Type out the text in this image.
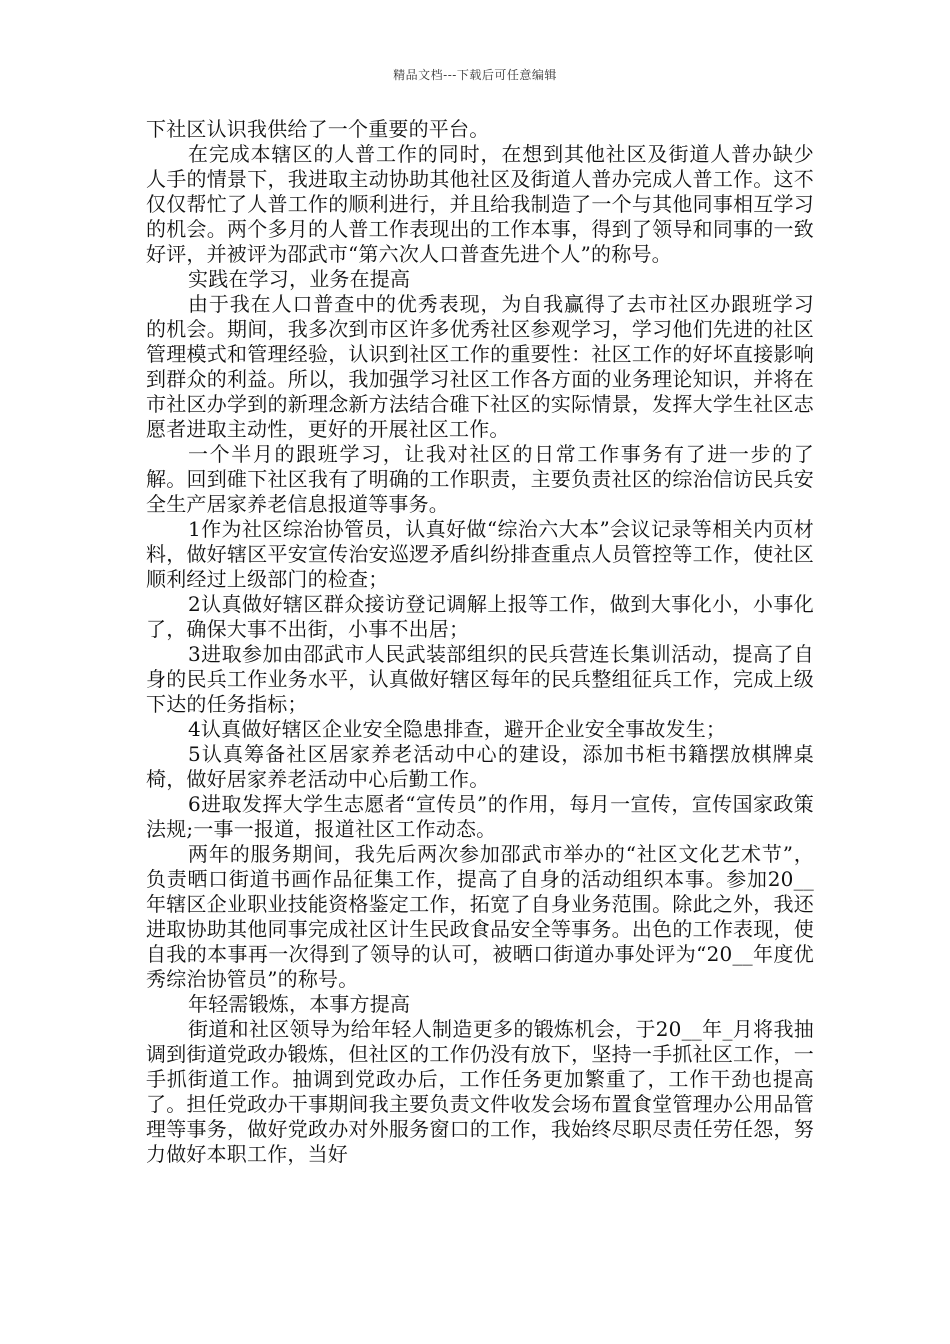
精品文档---下载后可任意编辑

下社区认识我供给了一个重要的平台。

在完成本辖区的人普工作的同时，在想到其他社区及街道人普办缺少人手的情景下，我进取主动协助其他社区及街道人普办完成人普工作。这不仅仅帮忙了人普工作的顺利进行，并且给我制造了一个与其他同事相互学习的机会。两个多月的人普工作表现出的工作本事，得到了领导和同事的一致好评，并被评为邵武市“第六次人口普查先进个人”的称号。

实践在学习，业务在提高

由于我在人口普查中的优秀表现，为自我赢得了去市社区办跟班学习的机会。期间，我多次到市区许多优秀社区参观学习，学习他们先进的社区管理模式和管理经验，认识到社区工作的重要性：社区工作的好坏直接影响到群众的利益。所以，我加强学习社区工作各方面的业务理论知识，并将在市社区办学到的新理念新方法结合碓下社区的实际情景，发挥大学生社区志愿者进取主动性，更好的开展社区工作。

一个半月的跟班学习，让我对社区的日常工作事务有了进一步的了解。回到碓下社区我有了明确的工作职责，主要负责社区的综治信访民兵安全生产居家养老信息报道等事务。

1作为社区综治协管员，认真好做“综治六大本”会议记录等相关内页材料，做好辖区平安宣传治安巡逻矛盾纠纷排查重点人员管控等工作，使社区顺利经过上级部门的检查；

2认真做好辖区群众接访登记调解上报等工作，做到大事化小，小事化了，确保大事不出街，小事不出居；

3进取参加由邵武市人民武装部组织的民兵营连长集训活动，提高了自身的民兵工作业务水平，认真做好辖区每年的民兵整组征兵工作，完成上级下达的任务指标；

4认真做好辖区企业安全隐患排查，避开企业安全事故发生；

5认真筹备社区居家养老活动中心的建设，添加书柜书籍摆放棋牌桌椅，做好居家养老活动中心后勤工作。

6进取发挥大学生志愿者“宣传员”的作用，每月一宣传，宣传国家政策法规;一事一报道，报道社区工作动态。

两年的服务期间，我先后两次参加邵武市举办的“社区文化艺术节”，负责晒口街道书画作品征集工作，提高了自身的活动组织本事。参加20__年辖区企业职业技能资格鉴定工作，拓宽了自身业务范围。除此之外，我还进取协助其他同事完成社区计生民政食品安全等事务。出色的工作表现，使自我的本事再一次得到了领导的认可，被晒口街道办事处评为“20__年度优秀综治协管员”的称号。

年轻需锻炼，本事方提高

街道和社区领导为给年轻人制造更多的锻炼机会，于20__年_月将我抽调到街道党政办锻炼，但社区的工作仍没有放下，坚持一手抓社区工作，一手抓街道工作。抽调到党政办后，工作任务更加繁重了，工作干劲也提高了。担任党政办干事期间我主要负责文件收发会场布置食堂管理办公用品管理等事务，做好党政办对外服务窗口的工作，我始终尽职尽责任劳任怨，努力做好本职工作，当好
